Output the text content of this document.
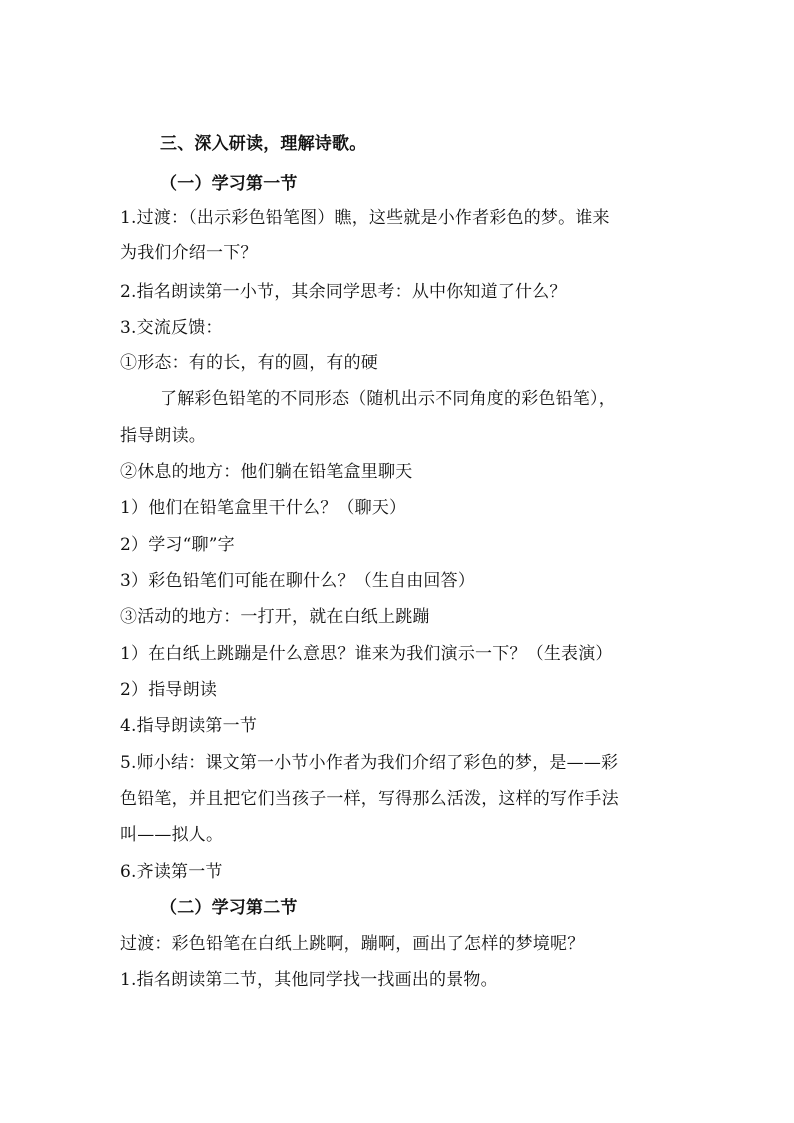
三、深入研读，理解诗歌。
（一）学习第一节
1.过渡：（出示彩色铅笔图）瞧，这些就是小作者彩色的梦。谁来
为我们介绍一下？
2.指名朗读第一小节，其余同学思考：从中你知道了什么？
3.交流反馈：
①形态：有的长，有的圆，有的硬
了解彩色铅笔的不同形态（随机出示不同角度的彩色铅笔），
指导朗读。
②休息的地方：他们躺在铅笔盒里聊天
1）他们在铅笔盒里干什么？（聊天）
2）学习“聊”字
3）彩色铅笔们可能在聊什么？（生自由回答）
③活动的地方：一打开，就在白纸上跳蹦
1）在白纸上跳蹦是什么意思？谁来为我们演示一下？（生表演）
2）指导朗读
4.指导朗读第一节
5.师小结：课文第一小节小作者为我们介绍了彩色的梦，是——彩
色铅笔，并且把它们当孩子一样，写得那么活泼，这样的写作手法
叫——拟人。
6.齐读第一节
（二）学习第二节
过渡：彩色铅笔在白纸上跳啊，蹦啊，画出了怎样的梦境呢？
1.指名朗读第二节，其他同学找一找画出的景物。
